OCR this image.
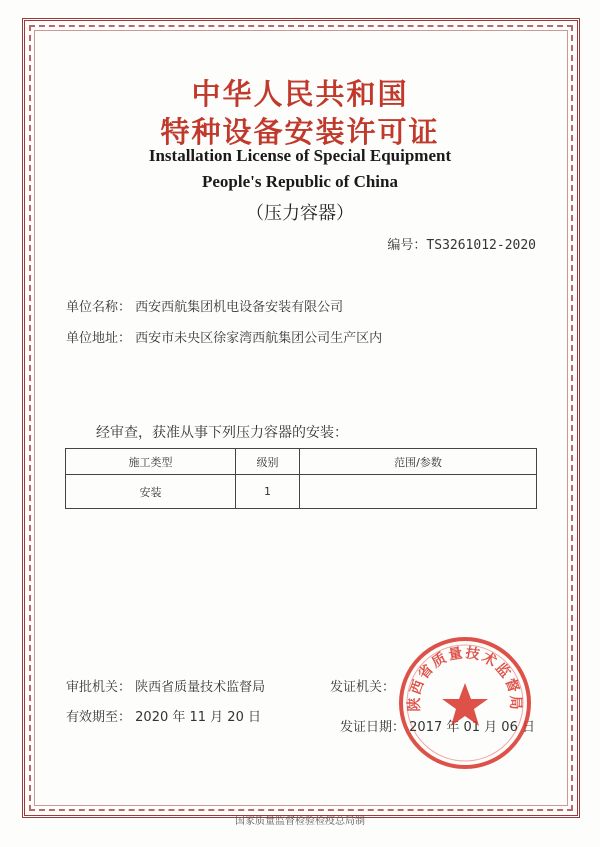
中华人民共和国
特种设备安装许可证
Installation License of Special Equipment
People's Republic of China
（压力容器）
编号：TS3261012-2020
单位名称： 西安西航集团机电设备安装有限公司
单位地址： 西安市未央区徐家湾西航集团公司生产区内
经审查，获准从事下列压力容器的安装：
施工类型	级别	范围/参数
安装	1	
审批机关： 陕西省质量技术监督局
有效期至： 2020 年 11 月 20 日
发证机关：
发证日期： 2017 年 01 月 06 日
陕西省质量技术监督局
国家质量监督检验检疫总局制
